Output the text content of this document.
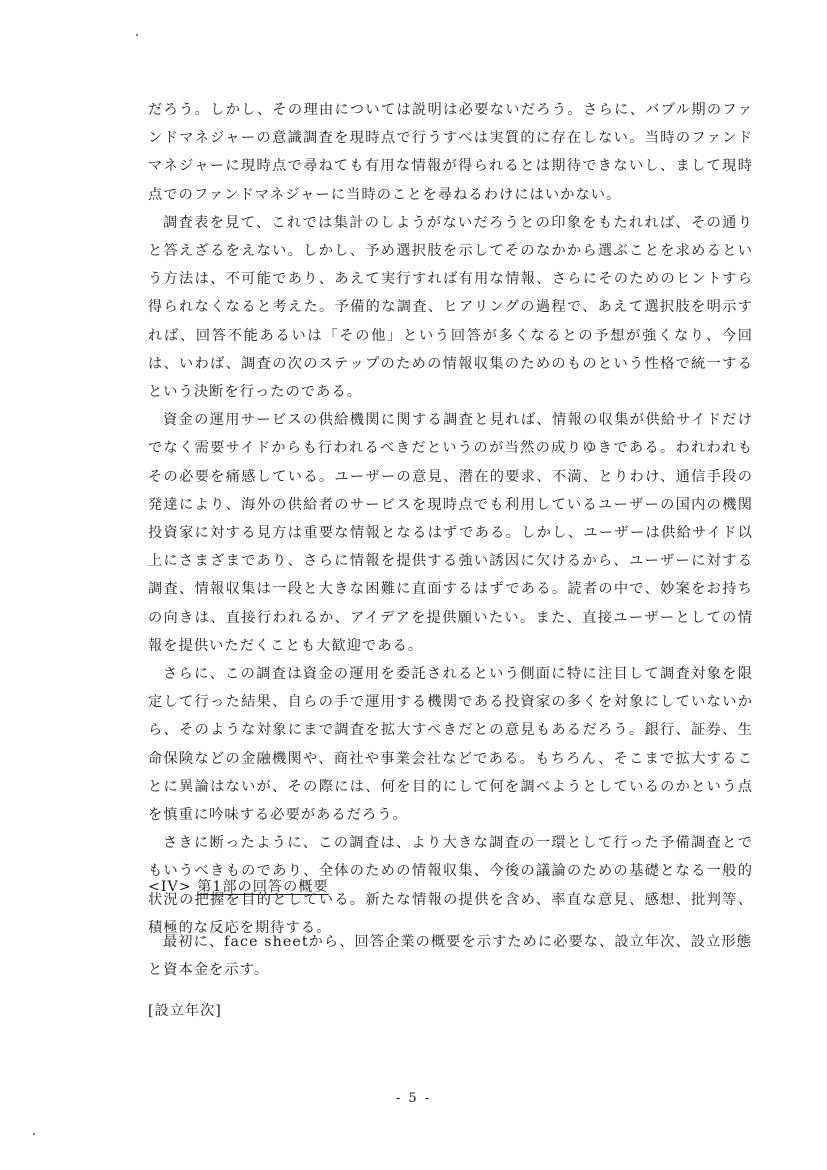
だろう。しかし、その理由については説明は必要ないだろう。さらに、バブル期のファンドマネジャーの意識調査を現時点で行うすべは実質的に存在しない。当時のファンドマネジャーに現時点で尋ねても有用な情報が得られるとは期待できないし、まして現時点でのファンドマネジャーに当時のことを尋ねるわけにはいかない。

調査表を見て、これでは集計のしようがないだろうとの印象をもたれれば、その通りと答えざるをえない。しかし、予め選択肢を示してそのなかから選ぶことを求めるという方法は、不可能であり、あえて実行すれば有用な情報、さらにそのためのヒントすら得られなくなると考えた。予備的な調査、ヒアリングの過程で、あえて選択肢を明示すれば、回答不能あるいは「その他」という回答が多くなるとの予想が強くなり、今回は、いわば、調査の次のステップのための情報収集のためのものという性格で統一するという決断を行ったのである。

資金の運用サービスの供給機関に関する調査と見れば、情報の収集が供給サイドだけでなく需要サイドからも行われるべきだというのが当然の成りゆきである。われわれもその必要を痛感している。ユーザーの意見、潜在的要求、不満、とりわけ、通信手段の発達により、海外の供給者のサービスを現時点でも利用しているユーザーの国内の機関投資家に対する見方は重要な情報となるはずである。しかし、ユーザーは供給サイド以上にさまざまであり、さらに情報を提供する強い誘因に欠けるから、ユーザーに対する調査、情報収集は一段と大きな困難に直面するはずである。読者の中で、妙案をお持ちの向きは、直接行われるか、アイデアを提供願いたい。また、直接ユーザーとしての情報を提供いただくことも大歓迎である。

さらに、この調査は資金の運用を委託されるという側面に特に注目して調査対象を限定して行った結果、自らの手で運用する機関である投資家の多くを対象にしていないから、そのような対象にまで調査を拡大すべきだとの意見もあるだろう。銀行、証券、生命保険などの金融機関や、商社や事業会社などである。もちろん、そこまで拡大することに異論はないが、その際には、何を目的にして何を調べようとしているのかという点を慎重に吟味する必要があるだろう。

さきに断ったように、この調査は、より大きな調査の一環として行った予備調査とでもいうべきものであり、全体のための情報収集、今後の議論のための基礎となる一般的状況の把握を目的としている。新たな情報の提供を含め、率直な意見、感想、批判等、積極的な反応を期待する。

<IV> 第1部の回答の概要

最初に、face sheetから、回答企業の概要を示すために必要な、設立年次、設立形態と資本金を示す。

[設立年次]
- 5 -
